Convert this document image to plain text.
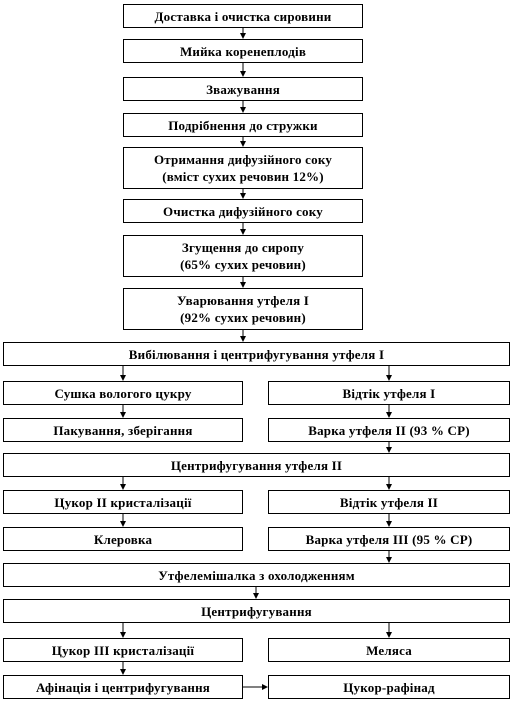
Доставка і очистка сировини
Мийка коренеплодів
Зважування
Подрібнення до стружки
Отримання дифузійного соку
(вміст сухих речовин 12%)
Очистка дифузійного соку
Згущення до сиропу
(65% сухих речовин)
Уварювання утфеля І
(92% сухих речовин)
Вибілювання і центрифугування утфеля І
Сушка вологого цукру	Відтік утфеля І
Пакування, зберігання	Варка утфеля ІІ (93 % СР)
Центрифугування утфеля ІІ
Цукор ІІ кристалізації	Відтік утфеля ІІ
Клеровка	Варка утфеля ІІІ (95 % СР)
Утфелемішалка з охолодженням
Центрифугування
Цукор ІІІ кристалізації	Меляса
Афінація і центрифугування	Цукор-рафінад
